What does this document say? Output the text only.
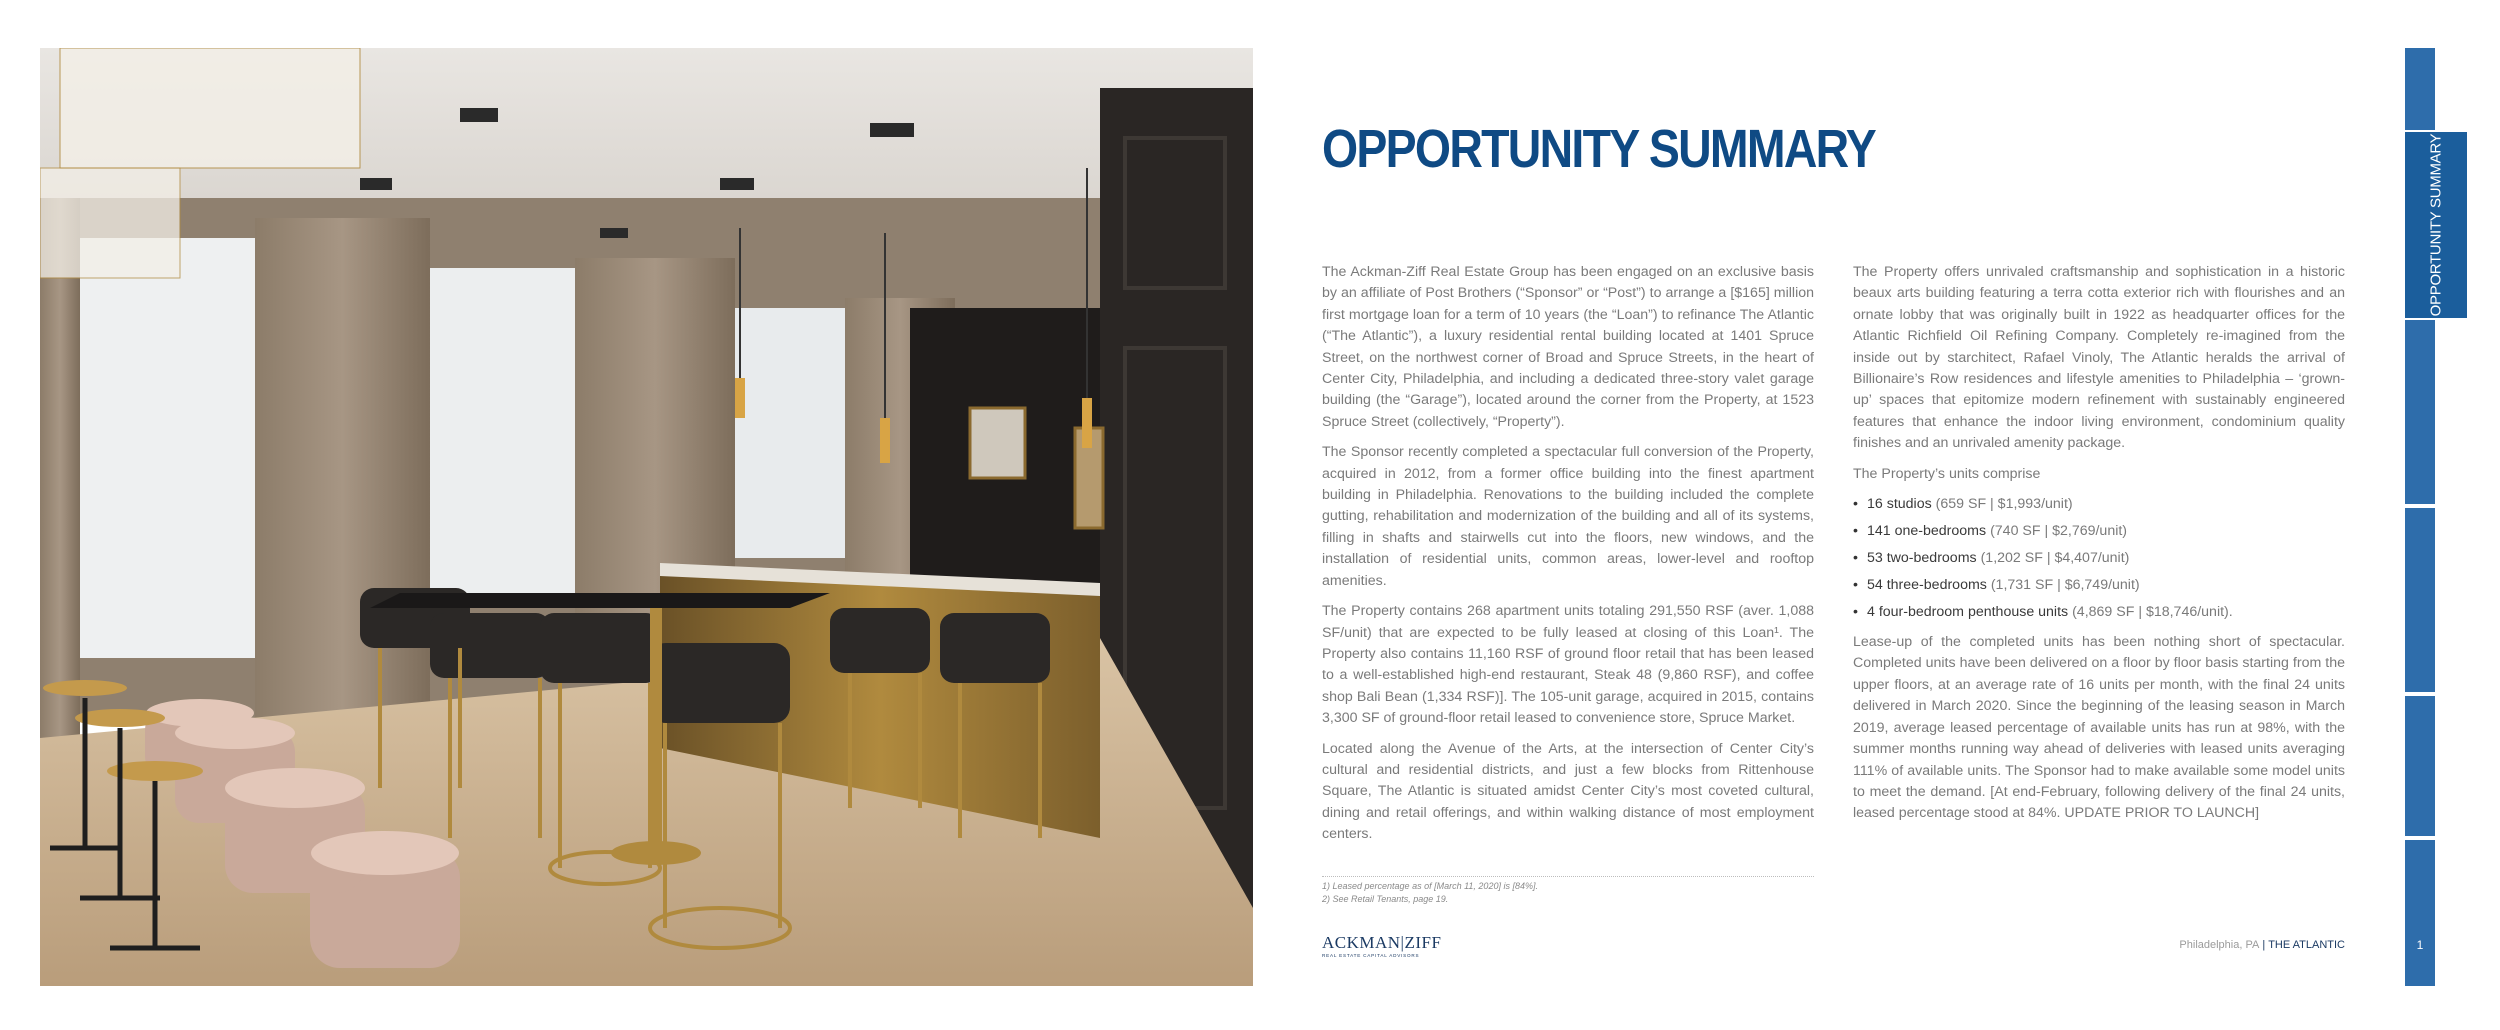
OPPORTUNITY SUMMARY

The Ackman-Ziff Real Estate Group has been engaged on an exclusive basis by an affiliate of Post Brothers (“Sponsor” or “Post”) to arrange a [$165] million first mortgage loan for a term of 10 years (the “Loan”) to refinance The Atlantic (“The Atlantic”), a luxury residential rental building located at 1401 Spruce Street, on the northwest corner of Broad and Spruce Streets, in the heart of Center City, Philadelphia, and including a dedicated three-story valet garage building (the “Garage”), located around the corner from the Property, at 1523 Spruce Street (collectively, “Property”).

The Sponsor recently completed a spectacular full conversion of the Property, acquired in 2012, from a former office building into the finest apartment building in Philadelphia. Renovations to the building included the complete gutting, rehabilitation and modernization of the building and all of its systems, filling in shafts and stairwells cut into the floors, new windows, and the installation of residential units, common areas, lower-level and rooftop amenities.

The Property contains 268 apartment units totaling 291,550 RSF (aver. 1,088 SF/unit) that are expected to be fully leased at closing of this Loan¹. The Property also contains 11,160 RSF of ground floor retail that has been leased to a well-established high-end restaurant, Steak 48 (9,860 RSF), and coffee shop Bali Bean (1,334 RSF)]. The 105-unit garage, acquired in 2015, contains 3,300 SF of ground-floor retail leased to convenience store, Spruce Market.

Located along the Avenue of the Arts, at the intersection of Center City’s cultural and residential districts, and just a few blocks from Rittenhouse Square, The Atlantic is situated amidst Center City’s most coveted cultural, dining and retail offerings, and within walking distance of most employment centers.

1) Leased percentage as of [March 11, 2020] is [84%].
2) See Retail Tenants, page 19.

The Property offers unrivaled craftsmanship and sophistication in a historic beaux arts building featuring a terra cotta exterior rich with flourishes and an ornate lobby that was originally built in 1922 as headquarter offices for the Atlantic Richfield Oil Refining Company. Completely re-imagined from the inside out by starchitect, Rafael Vinoly, The Atlantic heralds the arrival of Billionaire’s Row residences and lifestyle amenities to Philadelphia – ‘grown-up’ spaces that epitomize modern refinement with sustainably engineered features that enhance the indoor living environment, condominium quality finishes and an unrivaled amenity package.

The Property’s units comprise

• 16 studios (659 SF | $1,993/unit)
• 141 one-bedrooms (740 SF | $2,769/unit)
• 53 two-bedrooms (1,202 SF | $4,407/unit)
• 54 three-bedrooms (1,731 SF | $6,749/unit)
• 4 four-bedroom penthouse units (4,869 SF | $18,746/unit).

Lease-up of the completed units has been nothing short of spectacular. Completed units have been delivered on a floor by floor basis starting from the upper floors, at an average rate of 16 units per month, with the final 24 units delivered in March 2020. Since the beginning of the leasing season in March 2019, average leased percentage of available units has run at 98%, with the summer months running way ahead of deliveries with leased units averaging 111% of available units. The Sponsor had to make available some model units to meet the demand. [At end-February, following delivery of the final 24 units, leased percentage stood at 84%. UPDATE PRIOR TO LAUNCH]

ACKMAN|ZIFF
REAL ESTATE CAPITAL ADVISORS
Philadelphia, PA | THE ATLANTIC
OPPORTUNITY SUMMARY
1
